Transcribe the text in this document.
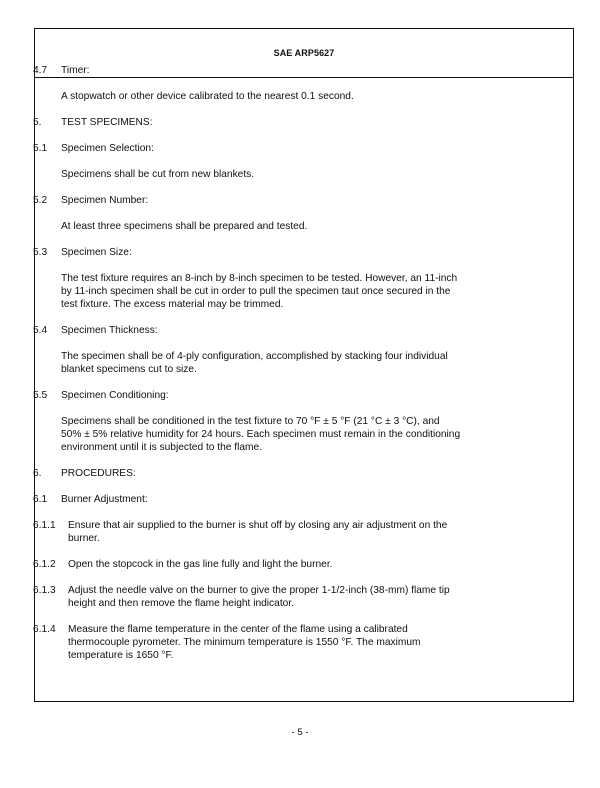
SAE ARP5627
4.7	Timer:
A stopwatch or other device calibrated to the nearest 0.1 second.
5.	TEST SPECIMENS:
5.1	Specimen Selection:
Specimens shall be cut from new blankets.
5.2	Specimen Number:
At least three specimens shall be prepared and tested.
5.3	Specimen Size:
The test fixture requires an 8-inch by 8-inch specimen to be tested. However, an 11-inch
by 11-inch specimen shall be cut in order to pull the specimen taut once secured in the
test fixture. The excess material may be trimmed.
5.4	Specimen Thickness:
The specimen shall be of 4-ply configuration, accomplished by stacking four individual
blanket specimens cut to size.
5.5	Specimen Conditioning:
Specimens shall be conditioned in the test fixture to 70 °F ± 5 °F (21 °C ± 3 °C), and
50% ± 5% relative humidity for 24 hours. Each specimen must remain in the conditioning
environment until it is subjected to the flame.
6.	PROCEDURES:
6.1	Burner Adjustment:
6.1.1	Ensure that air supplied to the burner is shut off by closing any air adjustment on the
burner.
6.1.2	Open the stopcock in the gas line fully and light the burner.
6.1.3	Adjust the needle valve on the burner to give the proper 1-1/2-inch (38-mm) flame tip
height and then remove the flame height indicator.
6.1.4	Measure the flame temperature in the center of the flame using a calibrated
thermocouple pyrometer. The minimum temperature is 1550 °F. The maximum
temperature is 1650 °F.
- 5 -
